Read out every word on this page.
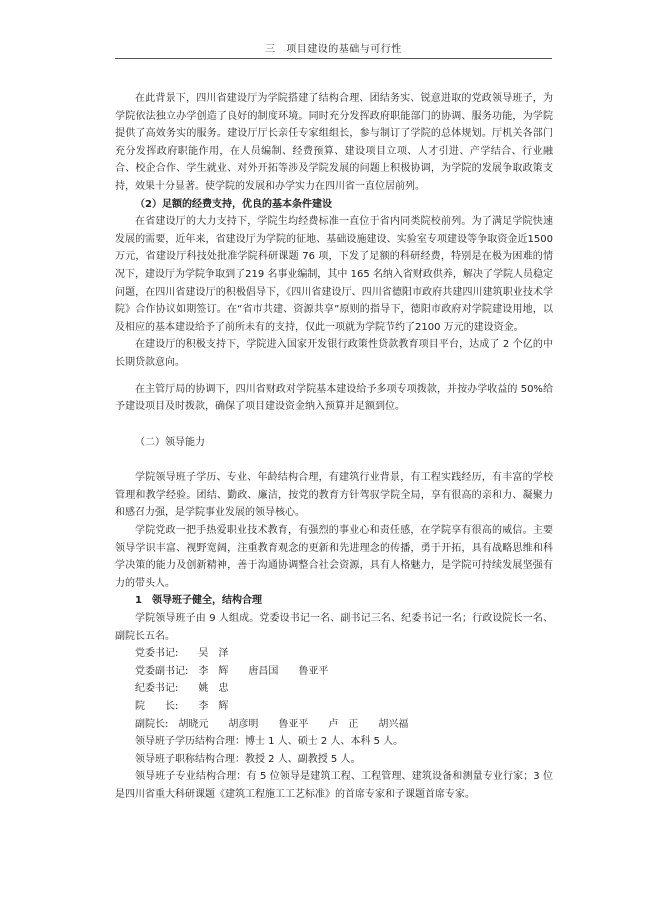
三　项目建设的基础与可行性

在此背景下，四川省建设厅为学院搭建了结构合理、团结务实、锐意进取的党政领导班子，为学院依法独立办学创造了良好的制度环境。同时充分发挥政府职能部门的协调、服务功能，为学院提供了高效务实的服务。建设厅厅长亲任专家组组长，参与制订了学院的总体规划。厅机关各部门充分发挥政府职能作用，在人员编制、经费预算、建设项目立项、人才引进、产学结合、行业融合、校企合作、学生就业、对外开拓等涉及学院发展的问题上积极协调，为学院的发展争取政策支持，效果十分显著。使学院的发展和办学实力在四川省一直位居前列。

（2）足额的经费支持，优良的基本条件建设

在省建设厅的大力支持下，学院生均经费标准一直位于省内同类院校前列。为了满足学院快速发展的需要，近年来，省建设厅为学院的征地、基础设施建设、实验室专项建设等争取资金近1500 万元，省建设厅科技处批准学院科研课题 76 项，下发了足额的科研经费，特别是在极为困难的情况下，建设厅为学院争取到了219 名事业编制，其中 165 名纳入省财政供养，解决了学院人员稳定问题，在四川省建设厅的积极倡导下，《四川省建设厅、四川省德阳市政府共建四川建筑职业技术学院》合作协议如期签订。在“省市共建、资源共享”原则的指导下，德阳市政府对学院建设用地，以及相应的基本建设给予了前所未有的支持，仅此一项就为学院节约了2100 万元的建设资金。

在建设厅的积极支持下，学院进入国家开发银行政策性贷款教育项目平台，达成了 2 个亿的中长期贷款意向。

在主管厅局的协调下，四川省财政对学院基本建设给予多项专项拨款，并按办学收益的 50%给予建设项目及时拨款，确保了项目建设资金纳入预算并足额到位。

（二）领导能力

学院领导班子学历、专业、年龄结构合理，有建筑行业背景，有工程实践经历，有丰富的学校管理和教学经验。团结、勤政、廉洁，按党的教育方针驾驭学院全局，享有很高的亲和力、凝聚力和感召力强，是学院事业发展的领导核心。

学院党政一把手热爱职业技术教育，有强烈的事业心和责任感，在学院享有很高的威信。主要领导学识丰富、视野宽阔，注重教育观念的更新和先进理念的传播，勇于开拓，具有战略思维和科学决策的能力及创新精神，善于沟通协调整合社会资源，具有人格魅力，是学院可持续发展坚强有力的带头人。

1　领导班子健全，结构合理

学院领导班子由 9 人组成。党委设书记一名、副书记三名、纪委书记一名；行政设院长一名、副院长五名。

党委书记:　　吴　泽

党委副书记:　李　辉　　唐昌国　　鲁亚平

纪委书记:　　姚　忠

院　　长:　　李　辉

副院长:　胡晓元　　胡彦明　　鲁亚平　　卢　正　　胡兴福

领导班子学历结构合理：博士 1 人、硕士 2 人、本科 5 人。

领导班子职称结构合理：教授 2 人、副教授 5 人。

领导班子专业结构合理：有 5 位领导是建筑工程、工程管理、建筑设备和测量专业行家；3 位是四川省重大科研课题《建筑工程施工工艺标准》的首席专家和子课题首席专家。
